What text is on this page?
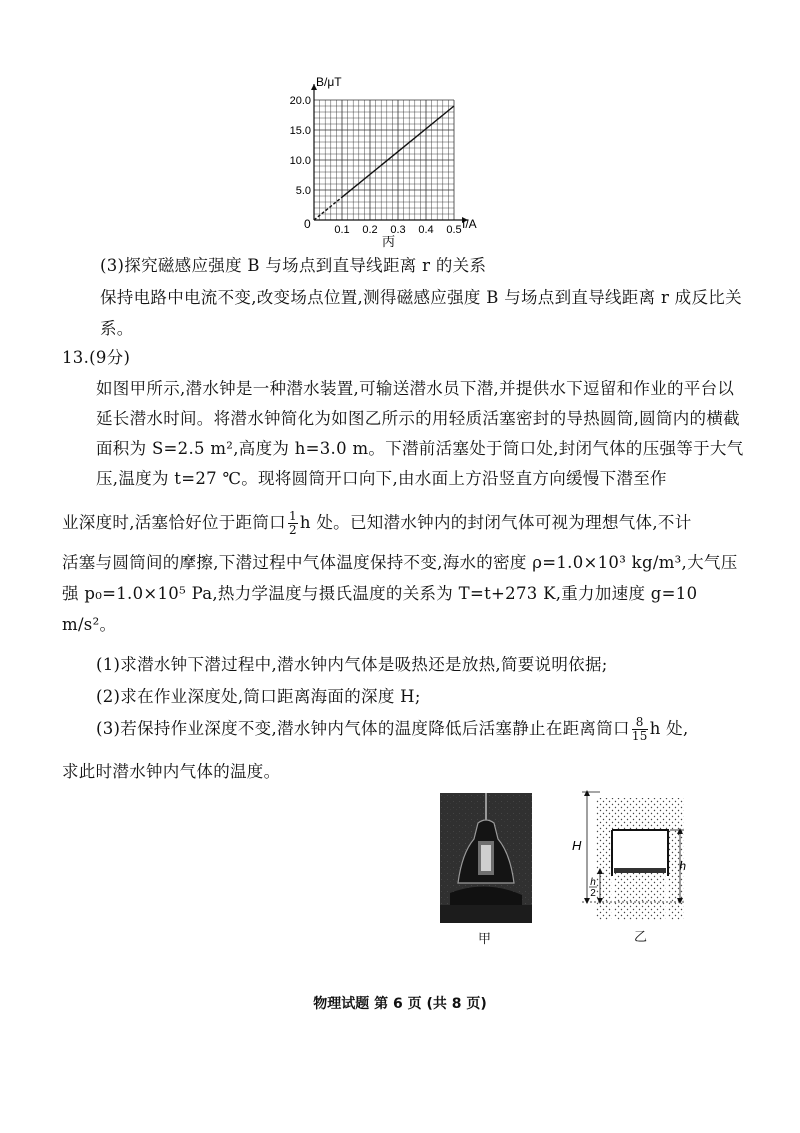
0.1 0.2 0.3 0.4 0.5
5.0
10.0
15.0
20.0
B/μT
I/A
0
丙
(3)探究磁感应强度 B 与场点到直导线距离 r 的关系
保持电路中电流不变,改变场点位置,测得磁感应强度 B 与场点到直导线距离 r 成反比关系。
13.(9分)
如图甲所示,潜水钟是一种潜水装置,可输送潜水员下潜,并提供水下逗留和作业的平台以延长潜水时间。将潜水钟简化为如图乙所示的用轻质活塞密封的导热圆筒,圆筒内的横截面积为 S=2.5 m²,高度为 h=3.0 m。下潜前活塞处于筒口处,封闭气体的压强等于大气压,温度为 t=27 ℃。现将圆筒开口向下,由水面上方沿竖直方向缓慢下潜至作
业深度时,活塞恰好位于距筒口 $\frac{1}{2}$ h 处。已知潜水钟内的封闭气体可视为理想气体,不计
活塞与圆筒间的摩擦,下潜过程中气体温度保持不变,海水的密度 ρ=1.0×10³ kg/m³,大气压强 p₀=1.0×10⁵ Pa,热力学温度与摄氏温度的关系为 T=t+273 K,重力加速度 g=10 m/s²。
(1)求潜水钟下潜过程中,潜水钟内气体是吸热还是放热,简要说明依据;
(2)求在作业深度处,筒口距离海面的深度 H;
(3)若保持作业深度不变,潜水钟内气体的温度降低后活塞静止在距离筒口 $\frac{8}{15}$ h 处,
求此时潜水钟内气体的温度。
甲
H
h
h
2
乙
物理试题 第 6 页 (共 8 页)
